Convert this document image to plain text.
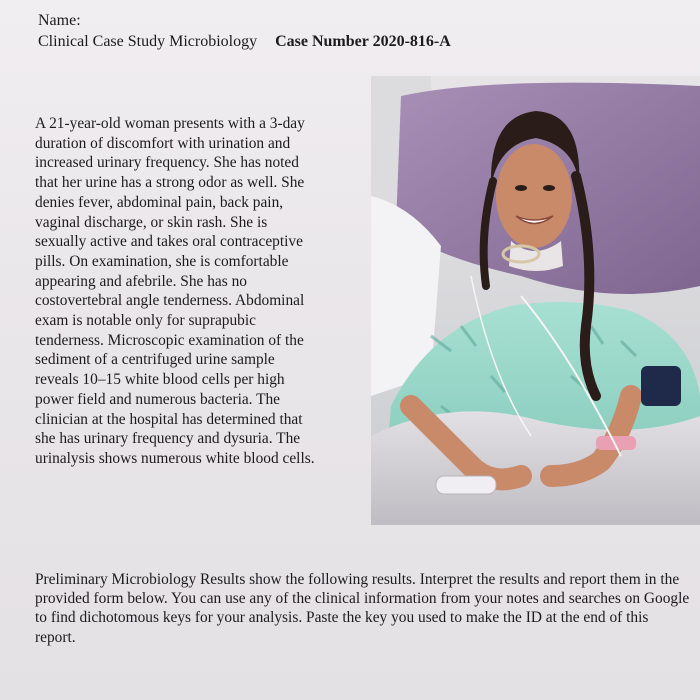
Name:
Clinical Case Study Microbiology Case Number 2020-816-A
A 21-year-old woman presents with a 3-day
duration of discomfort with urination and
increased urinary frequency. She has noted
that her urine has a strong odor as well. She
denies fever, abdominal pain, back pain,
vaginal discharge, or skin rash. She is
sexually active and takes oral contraceptive
pills. On examination, she is comfortable
appearing and afebrile. She has no
costovertebral angle tenderness. Abdominal
exam is notable only for suprapubic
tenderness. Microscopic examination of the
sediment of a centrifuged urine sample
reveals 10–15 white blood cells per high
power field and numerous bacteria. The
clinician at the hospital has determined that
she has urinary frequency and dysuria. The
urinalysis shows numerous white blood cells.
Preliminary Microbiology Results show the following results. Interpret the results and report them in the provided form below. You can use any of the clinical information from your notes and searches on Google to find dichotomous keys for your analysis. Paste the key you used to make the ID at the end of this report.
